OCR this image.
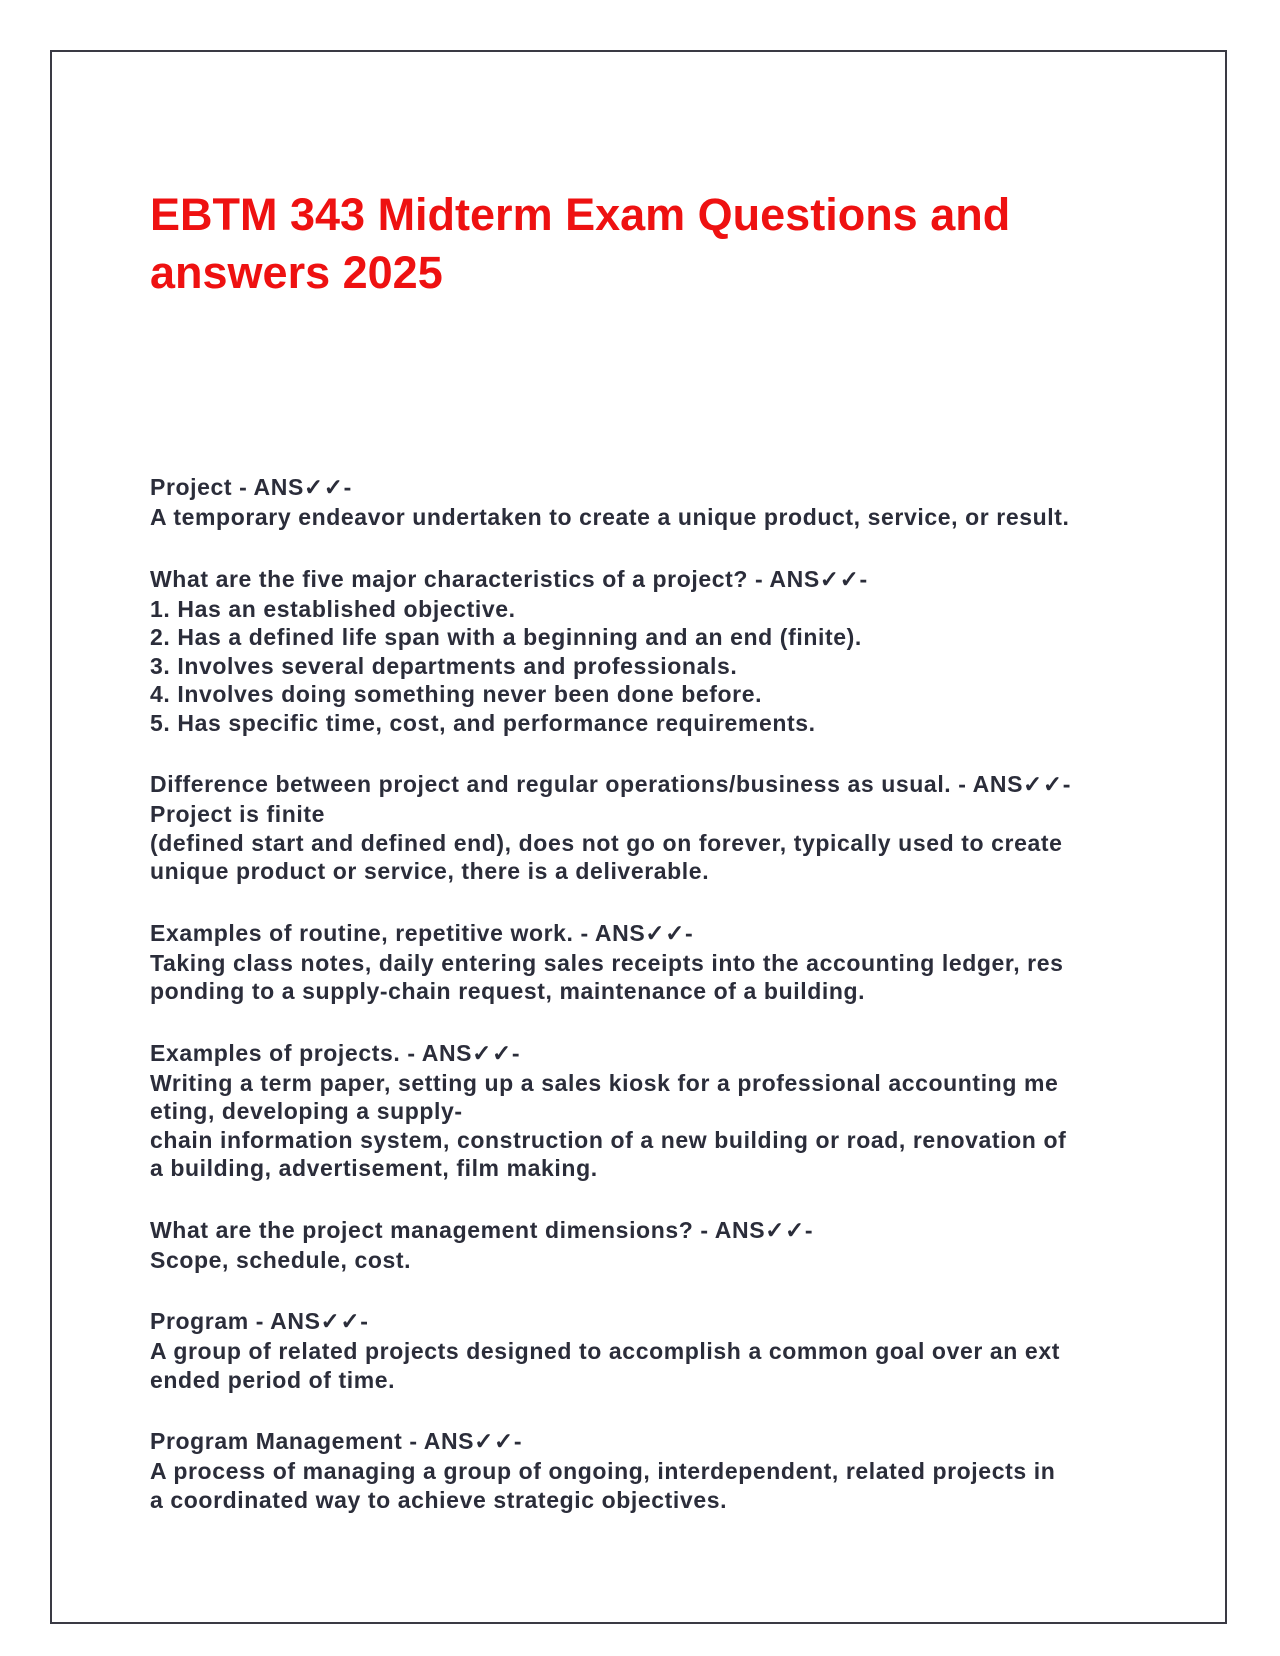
EBTM 343 Midterm Exam Questions and
answers 2025

Project - ANS✓✓-

A temporary endeavor undertaken to create a unique product, service, or result.

What are the five major characteristics of a project? - ANS✓✓-

1. Has an established objective.

2. Has a defined life span with a beginning and an end (finite).

3. Involves several departments and professionals.

4. Involves doing something never been done before.

5. Has specific time, cost, and performance requirements.

Difference between project and regular operations/business as usual. - ANS✓✓-

Project is finite

(defined start and defined end), does not go on forever, typically used to create

unique product or service, there is a deliverable.

Examples of routine, repetitive work. - ANS✓✓-

Taking class notes, daily entering sales receipts into the accounting ledger, res

ponding to a supply-chain request, maintenance of a building.

Examples of projects. - ANS✓✓-

Writing a term paper, setting up a sales kiosk for a professional accounting me

eting, developing a supply-

chain information system, construction of a new building or road, renovation of

a building, advertisement, film making.

What are the project management dimensions? - ANS✓✓-

Scope, schedule, cost.

Program - ANS✓✓-

A group of related projects designed to accomplish a common goal over an ext

ended period of time.

Program Management - ANS✓✓-

A process of managing a group of ongoing, interdependent, related projects in

a coordinated way to achieve strategic objectives.
